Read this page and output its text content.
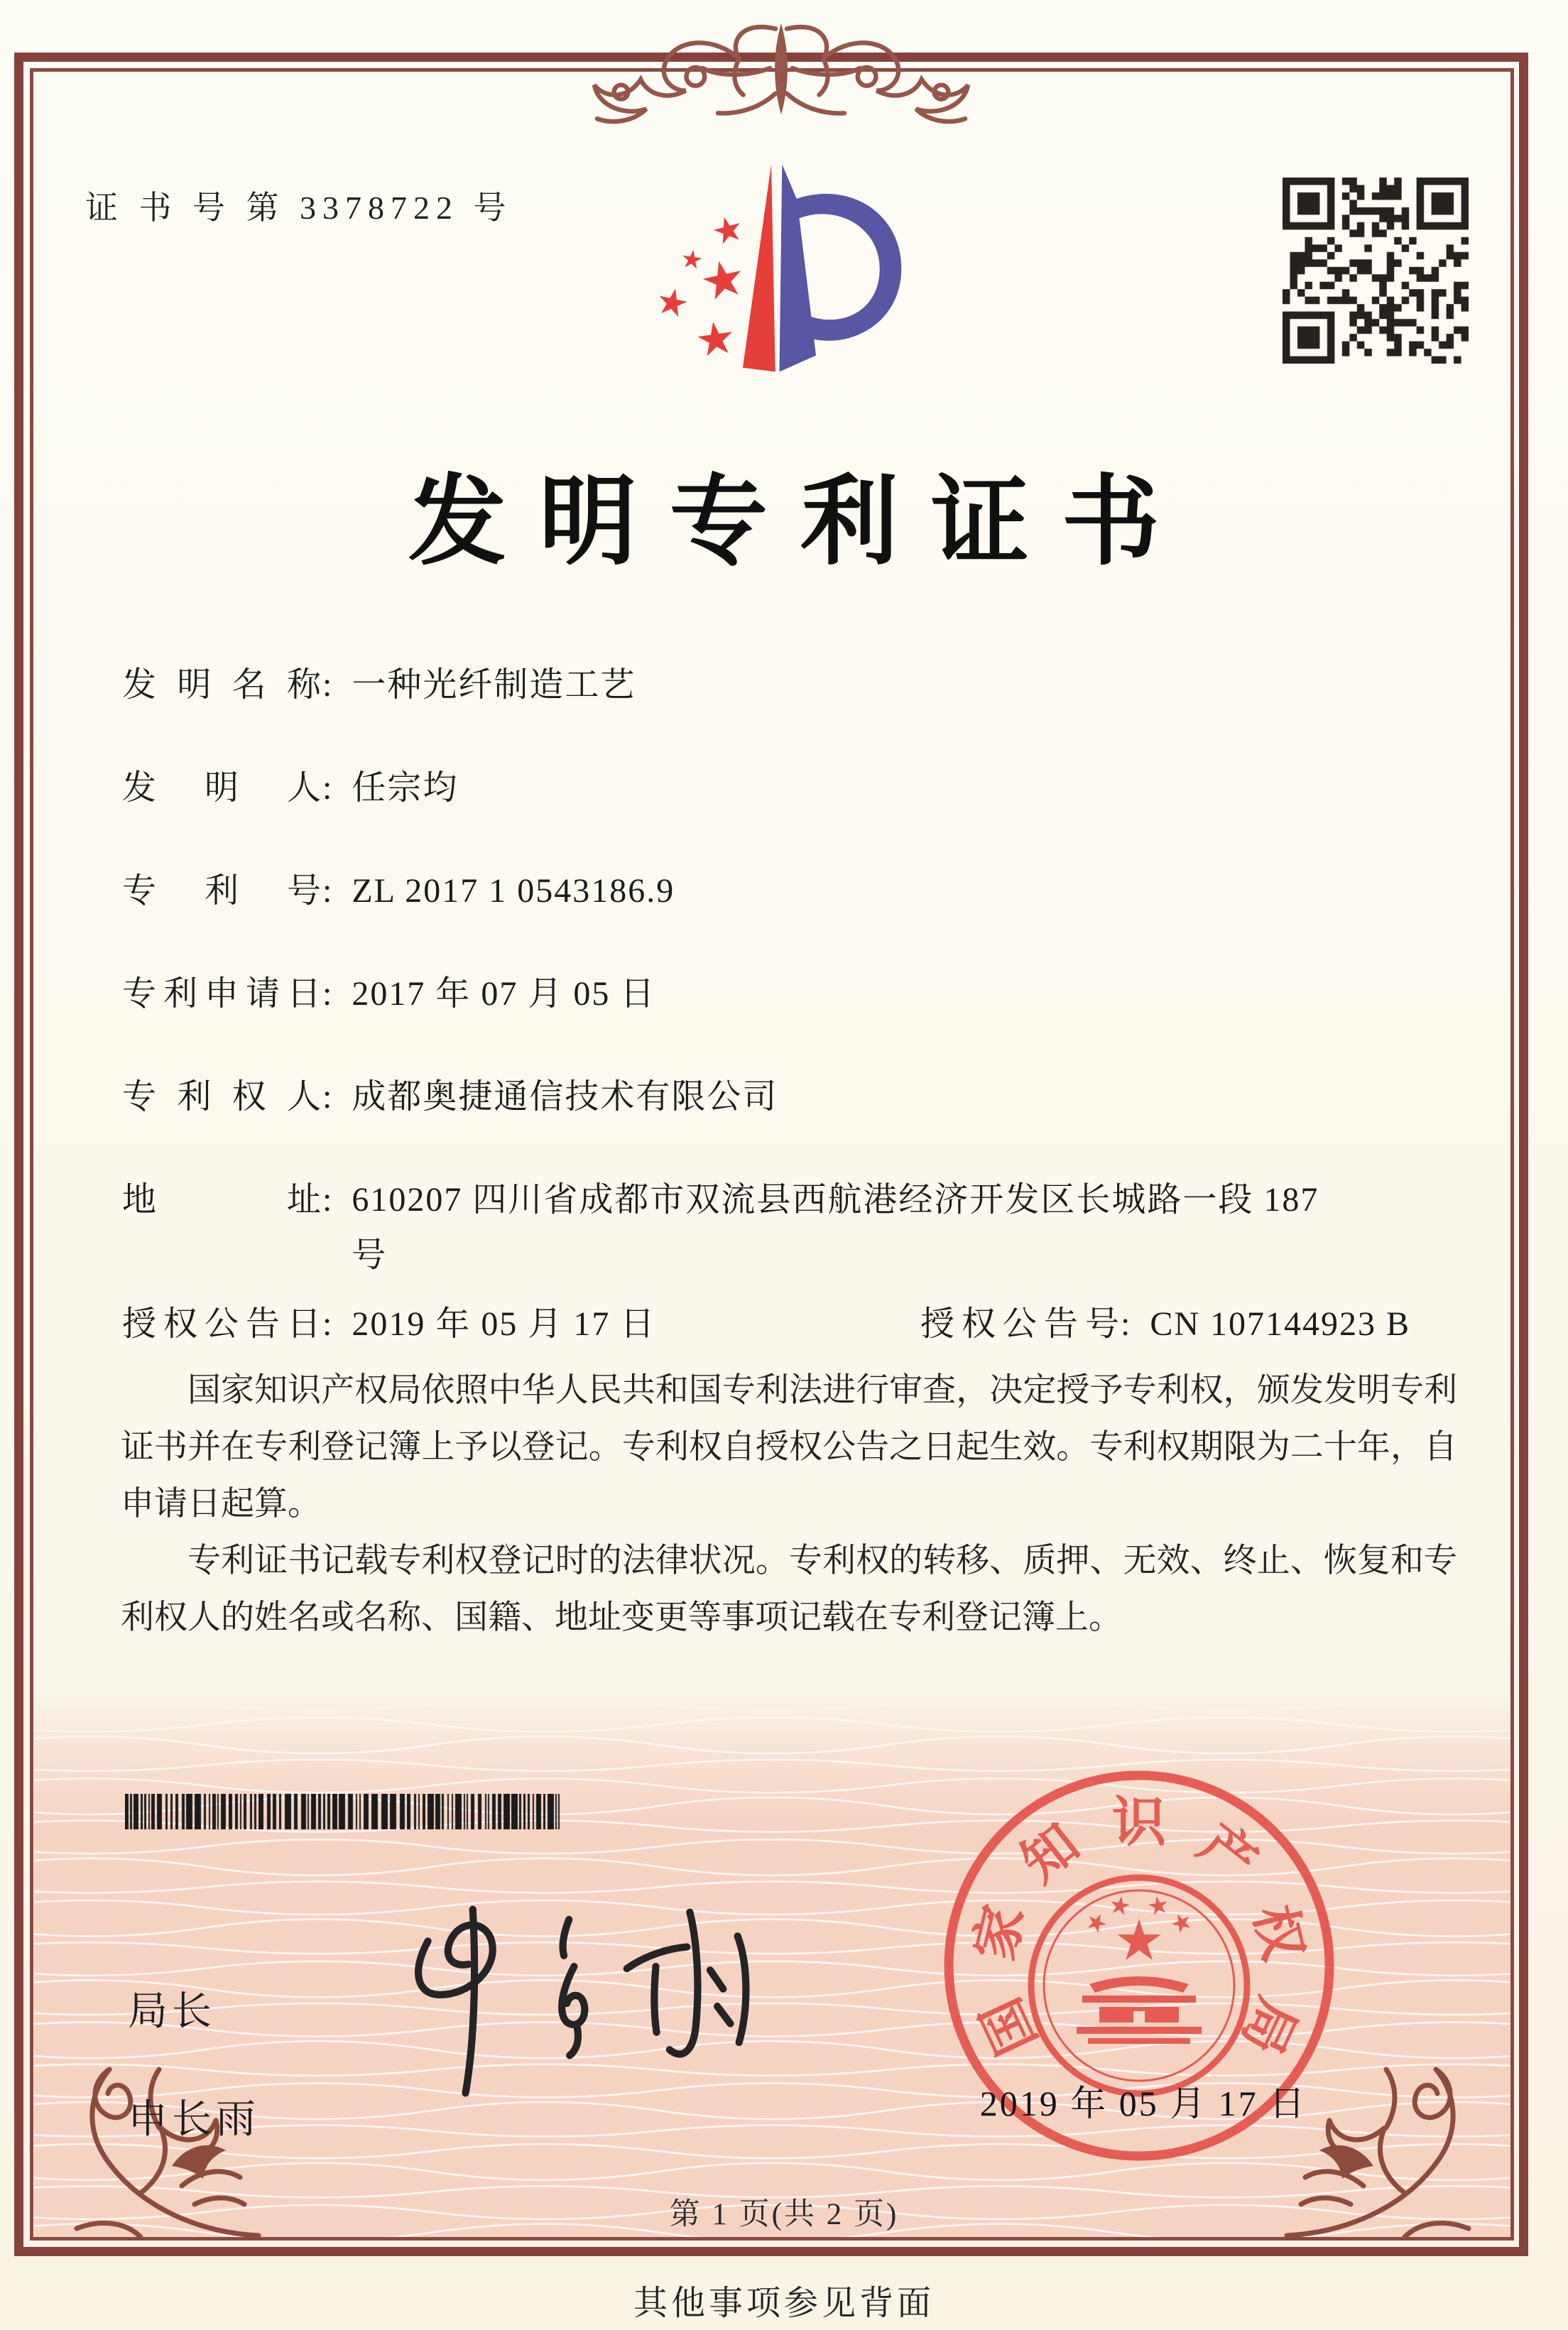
证 书 号 第 3378722 号
发明专利证书
发明名称: 一种光纤制造工艺
发明人: 任宗均
专利号: ZL 2017 1 0543186.9
专利申请日: 2017 年 07 月 05 日
专利权人: 成都奥捷通信技术有限公司
地址: 610207 四川省成都市双流县西航港经济开发区长城路一段 187 号
授权公告日: 2019 年 05 月 17 日	授权公告号: CN 107144923 B

国家知识产权局依照中华人民共和国专利法进行审查，决定授予专利权，颁发发明专利证书并在专利登记簿上予以登记。专利权自授权公告之日起生效。专利权期限为二十年，自申请日起算。

专利证书记载专利权登记时的法律状况。专利权的转移、质押、无效、终止、恢复和专利权人的姓名或名称、国籍、地址变更等事项记载在专利登记簿上。

局长
申长雨
国
家
知 识 产
权
局
2019 年 05 月 17 日
第 1 页(共 2 页)
其他事项参见背面
